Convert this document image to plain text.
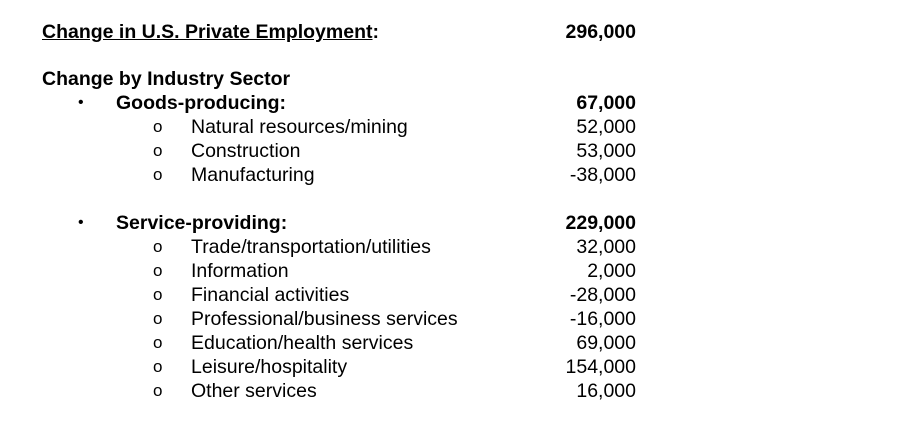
Change in U.S. Private Employment:	296,000
Change by Industry Sector
• Goods-producing:	67,000
o Natural resources/mining	52,000
o Construction	53,000
o Manufacturing	-38,000
• Service-providing:	229,000
o Trade/transportation/utilities	32,000
o Information	2,000
o Financial activities	-28,000
o Professional/business services	-16,000
o Education/health services	69,000
o Leisure/hospitality	154,000
o Other services	16,000
